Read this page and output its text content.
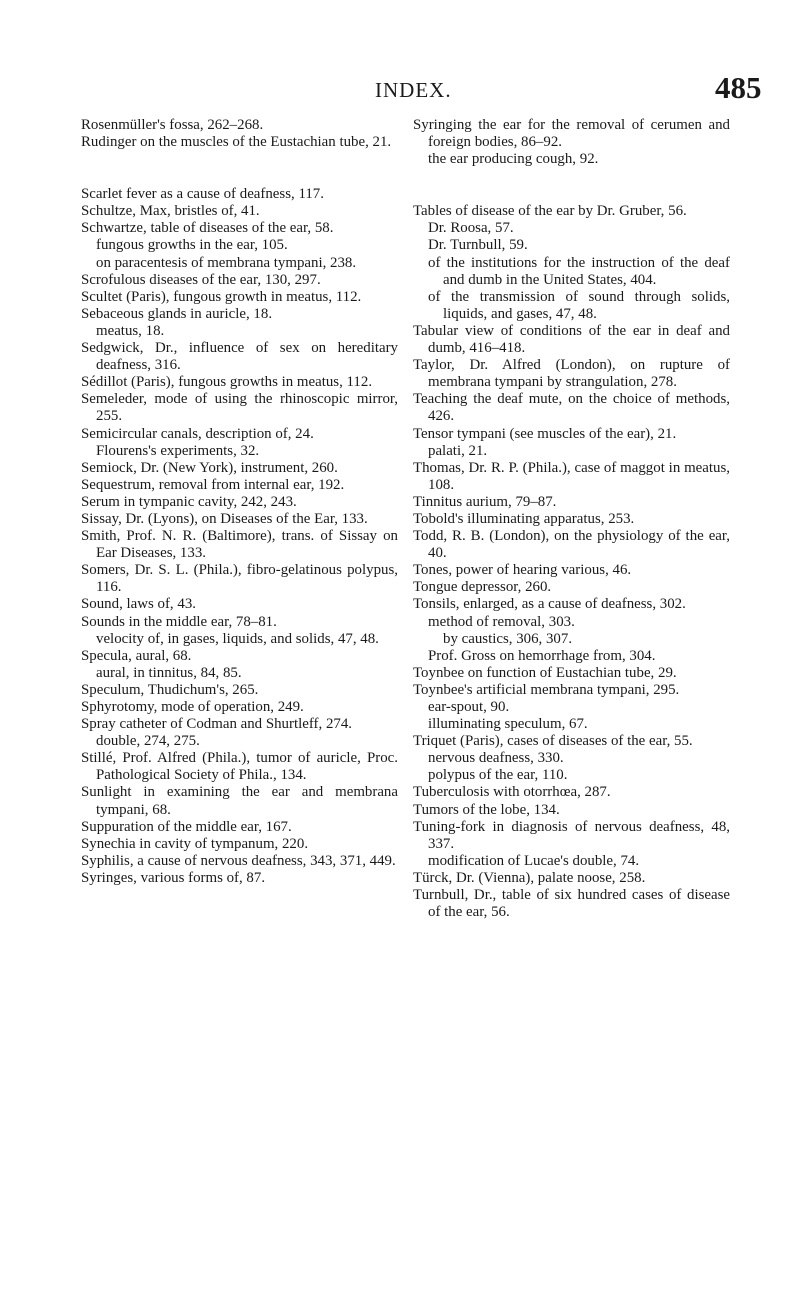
INDEX.	485
Rosenmüller's fossa, 262–268.
Rudinger on the muscles of the Eustachian tube, 21.
Scarlet fever as a cause of deafness, 117.
Schultze, Max, bristles of, 41.
Schwartze, table of diseases of the ear, 58.
fungous growths in the ear, 105.
on paracentesis of membrana tympani, 238.
Scrofulous diseases of the ear, 130, 297.
Scultet (Paris), fungous growth in meatus, 112.
Sebaceous glands in auricle, 18.
meatus, 18.
Sedgwick, Dr., influence of sex on hereditary deafness, 316.
Sédillot (Paris), fungous growths in meatus, 112.
Semeleder, mode of using the rhinoscopic mirror, 255.
Semicircular canals, description of, 24.
Flourens's experiments, 32.
Semiock, Dr. (New York), instrument, 260.
Sequestrum, removal from internal ear, 192.
Serum in tympanic cavity, 242, 243.
Sissay, Dr. (Lyons), on Diseases of the Ear, 133.
Smith, Prof. N. R. (Baltimore), trans. of Sissay on Ear Diseases, 133.
Somers, Dr. S. L. (Phila.), fibro-gelatinous polypus, 116.
Sound, laws of, 43.
Sounds in the middle ear, 78–81.
velocity of, in gases, liquids, and solids, 47, 48.
Specula, aural, 68.
aural, in tinnitus, 84, 85.
Speculum, Thudichum's, 265.
Sphyrotomy, mode of operation, 249.
Spray catheter of Codman and Shurtleff, 274.
double, 274, 275.
Stillé, Prof. Alfred (Phila.), tumor of auricle, Proc. Pathological Society of Phila., 134.
Sunlight in examining the ear and membrana tympani, 68.
Suppuration of the middle ear, 167.
Synechia in cavity of tympanum, 220.
Syphilis, a cause of nervous deafness, 343, 371, 449.
Syringes, various forms of, 87.
Syringing the ear for the removal of cerumen and foreign bodies, 86–92.
the ear producing cough, 92.
Tables of disease of the ear by Dr. Gruber, 56.
Dr. Roosa, 57.
Dr. Turnbull, 59.
of the institutions for the instruction of the deaf and dumb in the United States, 404.
of the transmission of sound through solids, liquids, and gases, 47, 48.
Tabular view of conditions of the ear in deaf and dumb, 416–418.
Taylor, Dr. Alfred (London), on rupture of membrana tympani by strangulation, 278.
Teaching the deaf mute, on the choice of methods, 426.
Tensor tympani (see muscles of the ear), 21.
palati, 21.
Thomas, Dr. R. P. (Phila.), case of maggot in meatus, 108.
Tinnitus aurium, 79–87.
Tobold's illuminating apparatus, 253.
Todd, R. B. (London), on the physiology of the ear, 40.
Tones, power of hearing various, 46.
Tongue depressor, 260.
Tonsils, enlarged, as a cause of deafness, 302.
method of removal, 303.
by caustics, 306, 307.
Prof. Gross on hemorrhage from, 304.
Toynbee on function of Eustachian tube, 29.
Toynbee's artificial membrana tympani, 295.
ear-spout, 90.
illuminating speculum, 67.
Triquet (Paris), cases of diseases of the ear, 55.
nervous deafness, 330.
polypus of the ear, 110.
Tuberculosis with otorrhœa, 287.
Tumors of the lobe, 134.
Tuning-fork in diagnosis of nervous deafness, 48, 337.
modification of Lucae's double, 74.
Türck, Dr. (Vienna), palate noose, 258.
Turnbull, Dr., table of six hundred cases of disease of the ear, 56.
